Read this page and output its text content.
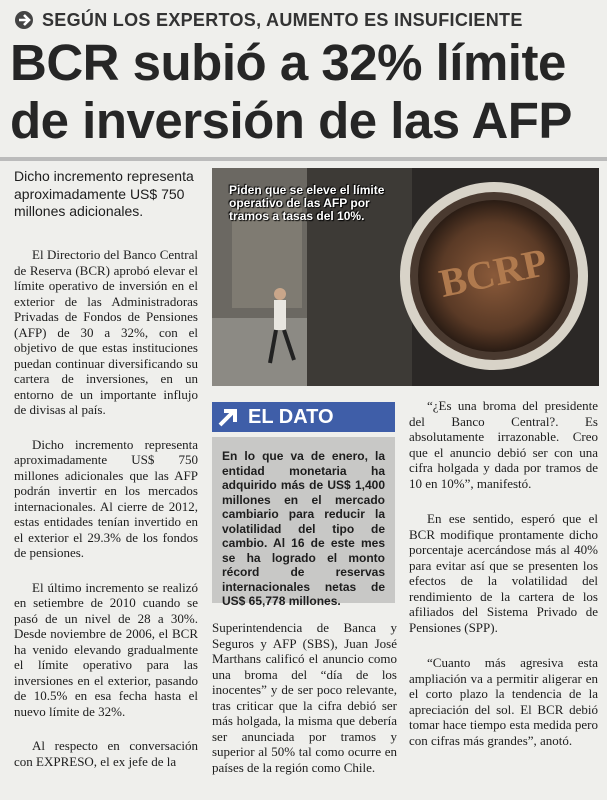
SEGÚN LOS EXPERTOS, AUMENTO ES INSUFICIENTE
BCR subió a 32% límite
de inversión de las AFP
Dicho incremento representa aproximadamente US$ 750 millones adicionales.

El Directorio del Banco Central de Reserva (BCR) aprobó elevar el límite operativo de inversión en el exterior de las Administradoras Privadas de Fondos de Pensiones (AFP) de 30 a 32%, con el objetivo de que estas instituciones puedan continuar diversificando su cartera de inversiones, en un entorno de un importante influjo de divisas al país.

Dicho incremento representa aproximadamente US$ 750 millones adicionales que las AFP podrán invertir en los mercados internacionales. Al cierre de 2012, estas entidades tenían invertido en el exterior el 29.3% de los fondos de pensiones.

El último incremento se realizó en setiembre de 2010 cuando se pasó de un nivel de 28 a 30%. Desde noviembre de 2006, el BCR ha venido elevando gradualmente el límite operativo para las inversiones en el exterior, pasando de 10.5% en esa fecha hasta el nuevo límite de 32%.

Al respecto en conversación con EXPRESO, el ex jefe de la

BCRP
Piden que se eleve el límite operativo de las AFP por tramos a tasas del 10%.
EL DATO

En lo que va de enero, la entidad monetaria ha adquirido más de US$ 1,400 millones en el mercado cambiario para reducir la volatilidad del tipo de cambio. Al 16 de este mes se ha logrado el monto récord de reservas internacionales netas de US$ 65,778 millones.

Superintendencia de Banca y Seguros y AFP (SBS), Juan José Marthans calificó el anuncio como una broma del “día de los inocentes” y de ser poco relevante, tras criticar que la cifra debió ser más holgada, la misma que debería ser anunciada por tramos y superior al 50% tal como ocurre en países de la región como Chile.

“¿Es una broma del presidente del Banco Central?. Es absolutamente irrazonable. Creo que el anuncio debió ser con una cifra holgada y dada por tramos de 10 en 10%”, manifestó.

En ese sentido, esperó que el BCR modifique prontamente dicho porcentaje acercándose más al 40% para evitar así que se presenten los efectos de la volatilidad del rendimiento de la cartera de los afiliados del Sistema Privado de Pensiones (SPP).

“Cuanto más agresiva esta ampliación va a permitir aligerar en el corto plazo la tendencia de la apreciación del sol. El BCR debió tomar hace tiempo esta medida pero con cifras más grandes”, anotó.
